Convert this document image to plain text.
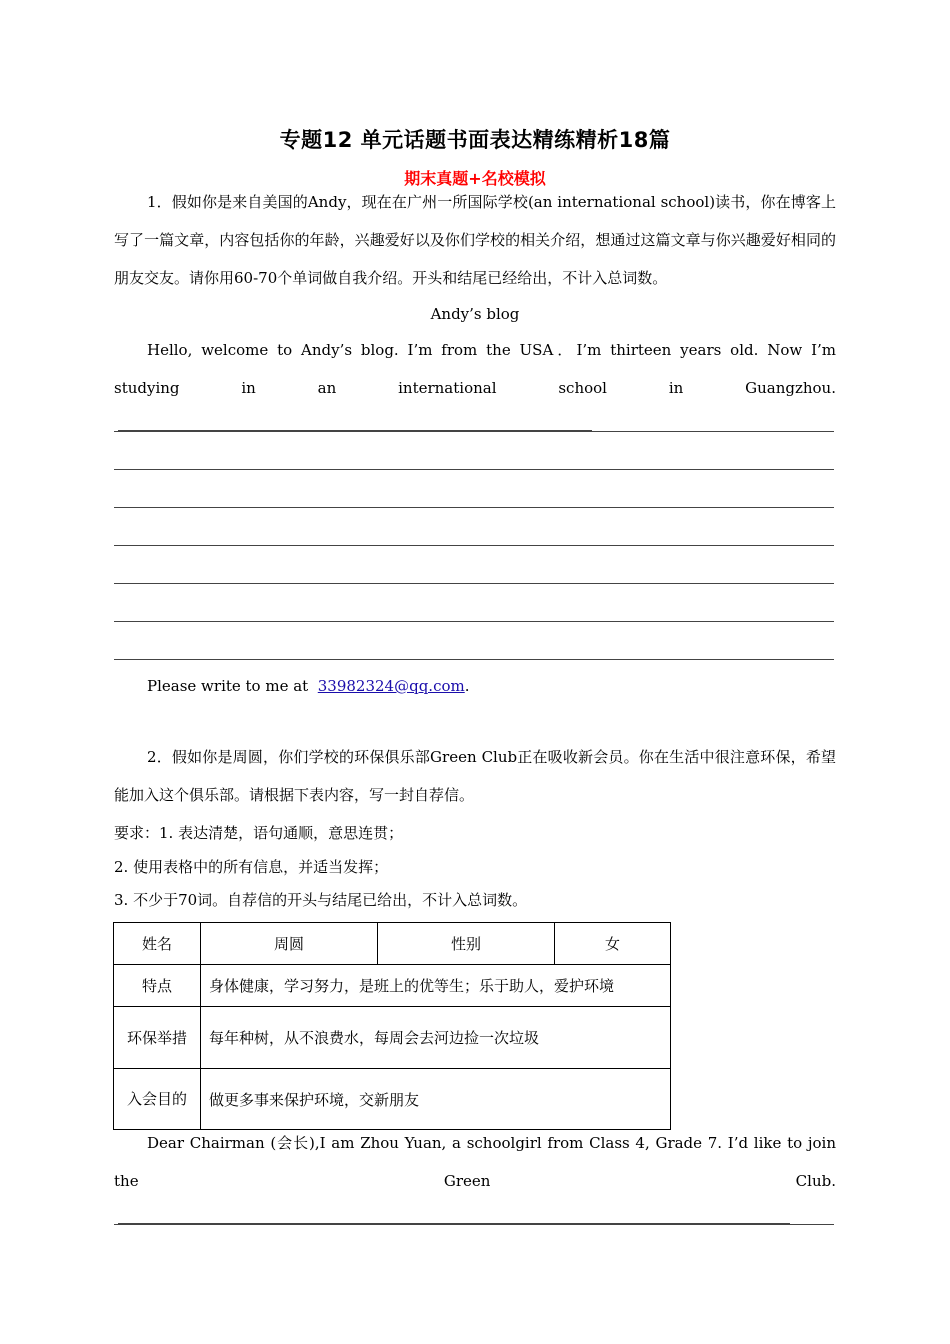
专题12 单元话题书面表达精练精析18篇
期末真题+名校模拟

1．假如你是来自美国的Andy，现在在广州一所国际学校(an international school)读书，你在博客上写了一篇文章，内容包括你的年龄，兴趣爱好以及你们学校的相关介绍，想通过这篇文章与你兴趣爱好相同的朋友交友。请你用60-70个单词做自我介绍。开头和结尾已经给出，不计入总词数。

Andy’s blog

Hello, welcome to Andy’s blog. I’m from the USA．I’m thirteen years old. Now I’m studying in an international school in Guangzhou.

Please write to me at 33982324@qq.com.

2．假如你是周圆，你们学校的环保俱乐部Green Club正在吸收新会员。你在生活中很注意环保，希望能加入这个俱乐部。请根据下表内容，写一封自荐信。

要求：1. 表达清楚，语句通顺，意思连贯；

2. 使用表格中的所有信息，并适当发挥；

3. 不少于70词。自荐信的开头与结尾已给出，不计入总词数。

姓名	周圆	性别	女
特点	身体健康，学习努力，是班上的优等生；乐于助人，爱护环境		
环保举措	每年种树，从不浪费水，每周会去河边捡一次垃圾		
入会目的	做更多事来保护环境，交新朋友		

Dear Chairman (会长),I am Zhou Yuan, a schoolgirl from Class 4, Grade 7. I’d like to join the Green Club.
